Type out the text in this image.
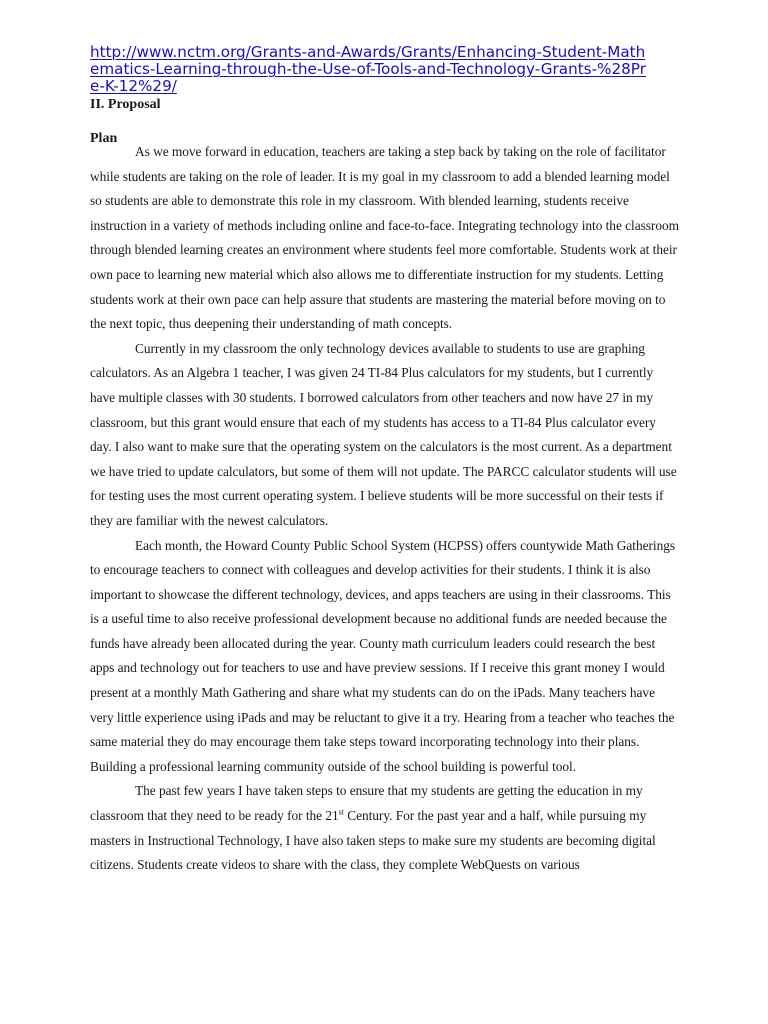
http://www.nctm.org/Grants-and-Awards/Grants/Enhancing-Student-Mathematics-Learning-through-the-Use-of-Tools-and-Technology-Grants-%28Pre-K-12%29/
II. Proposal
Plan

As we move forward in education, teachers are taking a step back by taking on the role of facilitator while students are taking on the role of leader. It is my goal in my classroom to add a blended learning model so students are able to demonstrate this role in my classroom. With blended learning, students receive instruction in a variety of methods including online and face-to-face. Integrating technology into the classroom through blended learning creates an environment where students feel more comfortable. Students work at their own pace to learning new material which also allows me to differentiate instruction for my students. Letting students work at their own pace can help assure that students are mastering the material before moving on to the next topic, thus deepening their understanding of math concepts.

Currently in my classroom the only technology devices available to students to use are graphing calculators. As an Algebra 1 teacher, I was given 24 TI-84 Plus calculators for my students, but I currently have multiple classes with 30 students. I borrowed calculators from other teachers and now have 27 in my classroom, but this grant would ensure that each of my students has access to a TI-84 Plus calculator every day. I also want to make sure that the operating system on the calculators is the most current. As a department we have tried to update calculators, but some of them will not update. The PARCC calculator students will use for testing uses the most current operating system. I believe students will be more successful on their tests if they are familiar with the newest calculators.

Each month, the Howard County Public School System (HCPSS) offers countywide Math Gatherings to encourage teachers to connect with colleagues and develop activities for their students. I think it is also important to showcase the different technology, devices, and apps teachers are using in their classrooms. This is a useful time to also receive professional development because no additional funds are needed because the funds have already been allocated during the year. County math curriculum leaders could research the best apps and technology out for teachers to use and have preview sessions. If I receive this grant money I would present at a monthly Math Gathering and share what my students can do on the iPads. Many teachers have very little experience using iPads and may be reluctant to give it a try. Hearing from a teacher who teaches the same material they do may encourage them take steps toward incorporating technology into their plans. Building a professional learning community outside of the school building is powerful tool.

The past few years I have taken steps to ensure that my students are getting the education in my classroom that they need to be ready for the 21st Century. For the past year and a half, while pursuing my masters in Instructional Technology, I have also taken steps to make sure my students are becoming digital citizens. Students create videos to share with the class, they complete WebQuests on various
